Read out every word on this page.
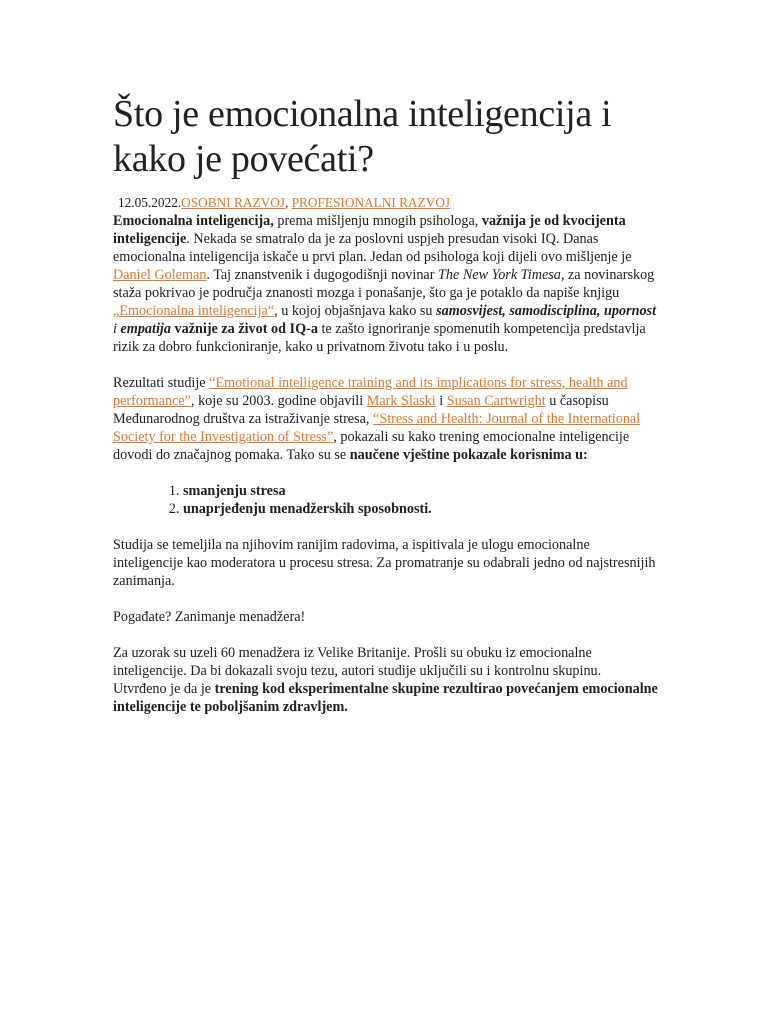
Što je emocionalna inteligencija i kako je povećati?
12.05.2022.OSOBNI RAZVOJ, PROFESIONALNI RAZVOJ

Emocionalna inteligencija, prema mišljenju mnogih psihologa, važnija je od kvocijenta inteligencije. Nekada se smatralo da je za poslovni uspjeh presudan visoki IQ. Danas emocionalna inteligencija iskače u prvi plan. Jedan od psihologa koji dijeli ovo mišljenje je Daniel Goleman. Taj znanstvenik i dugogodišnji novinar The New York Timesa, za novinarskog staža pokrivao je područja znanosti mozga i ponašanje, što ga je potaklo da napiše knjigu „Emocionalna inteligencija“, u kojoj objašnjava kako su samosvijest, samodisciplina, upornost i empatija važnije za život od IQ-a te zašto ignoriranje spomenutih kompetencija predstavlja rizik za dobro funkcioniranje, kako u privatnom životu tako i u poslu.

Rezultati studije “Emotional intelligence training and its implications for stress, health and performance”, koje su 2003. godine objavili Mark Slaski i Susan Cartwright u časopisu Međunarodnog društva za istraživanje stresa, “Stress and Health: Journal of the International Society for the Investigation of Stress”, pokazali su kako trening emocionalne inteligencije dovodi do značajnog pomaka. Tako su se naučene vještine pokazale korisnima u:

1. smanjenju stresa
2. unaprjeđenju menadžerskih sposobnosti.

Studija se temeljila na njihovim ranijim radovima, a ispitivala je ulogu emocionalne inteligencije kao moderatora u procesu stresa. Za promatranje su odabrali jedno od najstresnijih zanimanja.

Pogađate? Zanimanje menadžera!

Za uzorak su uzeli 60 menadžera iz Velike Britanije. Prošli su obuku iz emocionalne inteligencije. Da bi dokazali svoju tezu, autori studije uključili su i kontrolnu skupinu. Utvrđeno je da je trening kod eksperimentalne skupine rezultirao povećanjem emocionalne inteligencije te poboljšanim zdravljem.
